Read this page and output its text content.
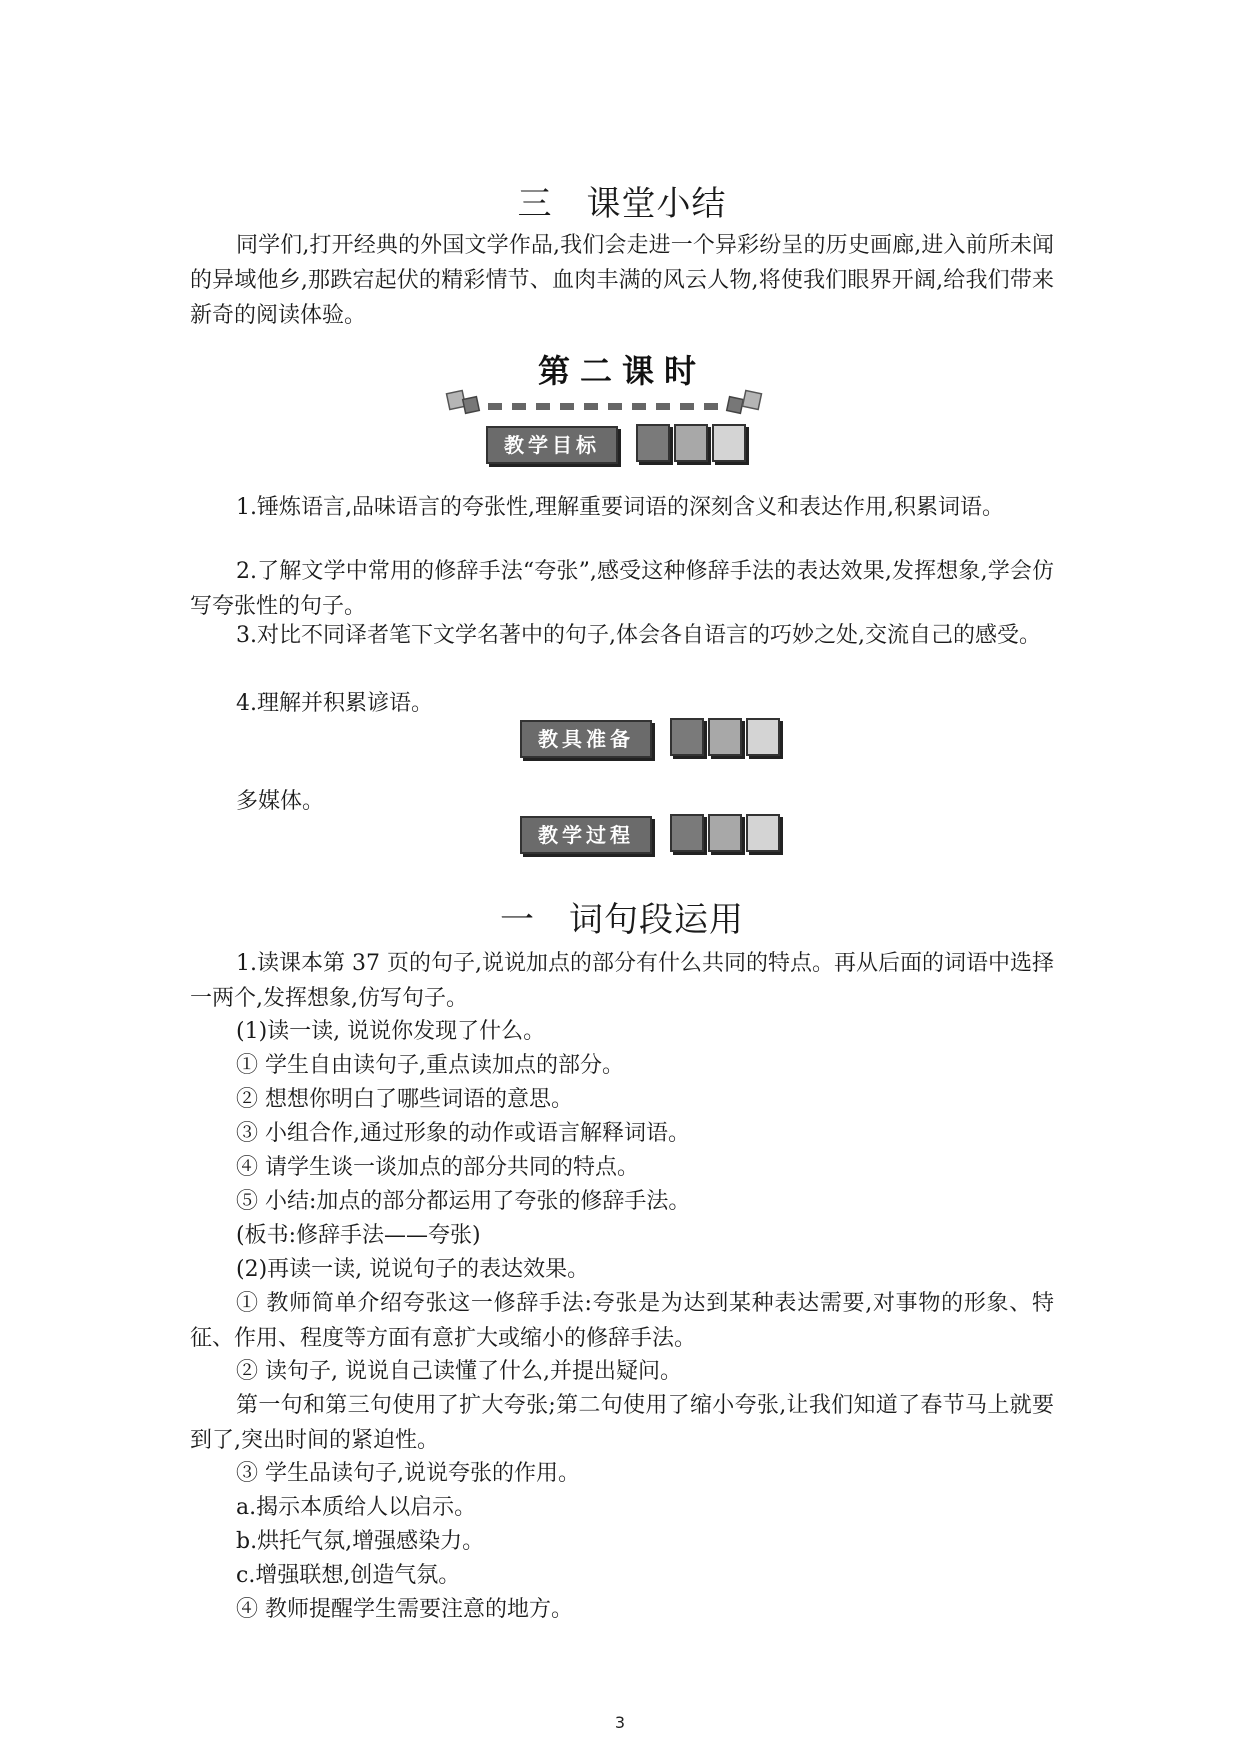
三 课堂小结
同学们,打开经典的外国文学作品,我们会走进一个异彩纷呈的历史画廊,进入前所未闻的异域他乡,那跌宕起伏的精彩情节、血肉丰满的风云人物,将使我们眼界开阔,给我们带来新奇的阅读体验。
第二课时
教学目标
1.锤炼语言,品味语言的夸张性,理解重要词语的深刻含义和表达作用,积累词语。
2.了解文学中常用的修辞手法“夸张”,感受这种修辞手法的表达效果,发挥想象,学会仿写夸张性的句子。
3.对比不同译者笔下文学名著中的句子,体会各自语言的巧妙之处,交流自己的感受。
4.理解并积累谚语。
教具准备
多媒体。
教学过程
一 词句段运用
1.读课本第 37 页的句子,说说加点的部分有什么共同的特点。再从后面的词语中选择一两个,发挥想象,仿写句子。
(1)读一读, 说说你发现了什么。
① 学生自由读句子,重点读加点的部分。
② 想想你明白了哪些词语的意思。
③ 小组合作,通过形象的动作或语言解释词语。
④ 请学生谈一谈加点的部分共同的特点。
⑤ 小结:加点的部分都运用了夸张的修辞手法。
(板书:修辞手法——夸张)
(2)再读一读, 说说句子的表达效果。
① 教师简单介绍夸张这一修辞手法:夸张是为达到某种表达需要,对事物的形象、特征、作用、程度等方面有意扩大或缩小的修辞手法。
② 读句子, 说说自己读懂了什么,并提出疑问。
第一句和第三句使用了扩大夸张;第二句使用了缩小夸张,让我们知道了春节马上就要到了,突出时间的紧迫性。
③ 学生品读句子,说说夸张的作用。
a.揭示本质给人以启示。
b.烘托气氛,增强感染力。
c.增强联想,创造气氛。
④ 教师提醒学生需要注意的地方。
3
